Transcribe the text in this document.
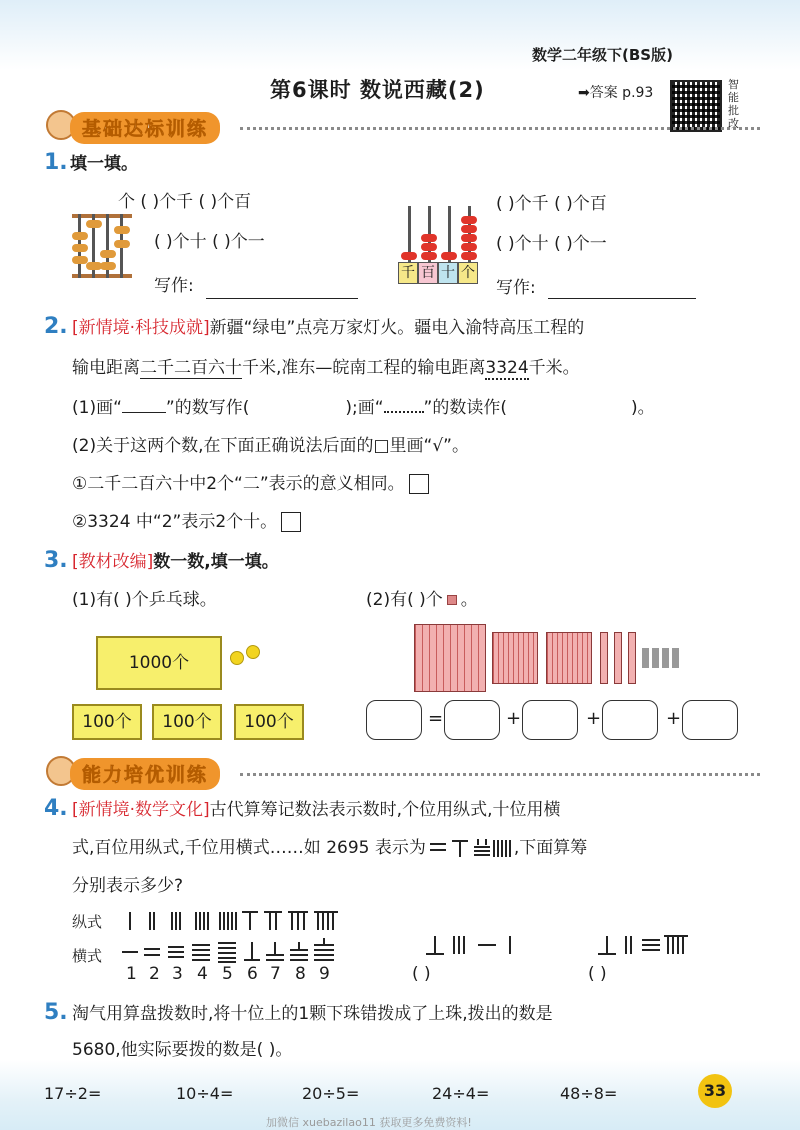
数学二年级下(BS版)
第6课时 数说西藏(2)	➡答案 p.93
智能批改
基础达标训练
1. 填一填。
个 ( )个千 ( )个百
( )个十 ( )个一
写作:
千 百 十 个
( )个千 ( )个百
( )个十 ( )个一
写作:
2. [新情境·科技成就]新疆“绿电”点亮万家灯火。疆电入渝特高压工程的
输电距离二千二百六十千米,准东—皖南工程的输电距离3324千米。
(1)画“	”的数写作(	);画“ ”的数读作(	)。
(2)关于这两个数,在下面正确说法后面的□里画“√”。
①二千二百六十中2个“二”表示的意义相同。
②3324 中“2”表示2个十。
3. [教材改编]数一数,填一填。
(1)有( )个乒乓球。	(2)有( )个 。
1000个
100个	100个	100个	=	+	+	+
能力培优训练
4. [新情境·数学文化]古代算筹记数法表示数时,个位用纵式,十位用横
式,百位用纵式,千位用横式……如 2695 表示为	,下面算筹
分别表示多少?
纵式
横式
1 2 3 4 5 6 7 8 9	( )	( )
5. 淘气用算盘拨数时,将十位上的1颗下珠错拨成了上珠,拨出的数是
5680,他实际要拨的数是( )。
17÷2=	10÷4=	20÷5=	24÷4=	48÷8=	33
加微信 xuebazilao11 获取更多免费资料!
